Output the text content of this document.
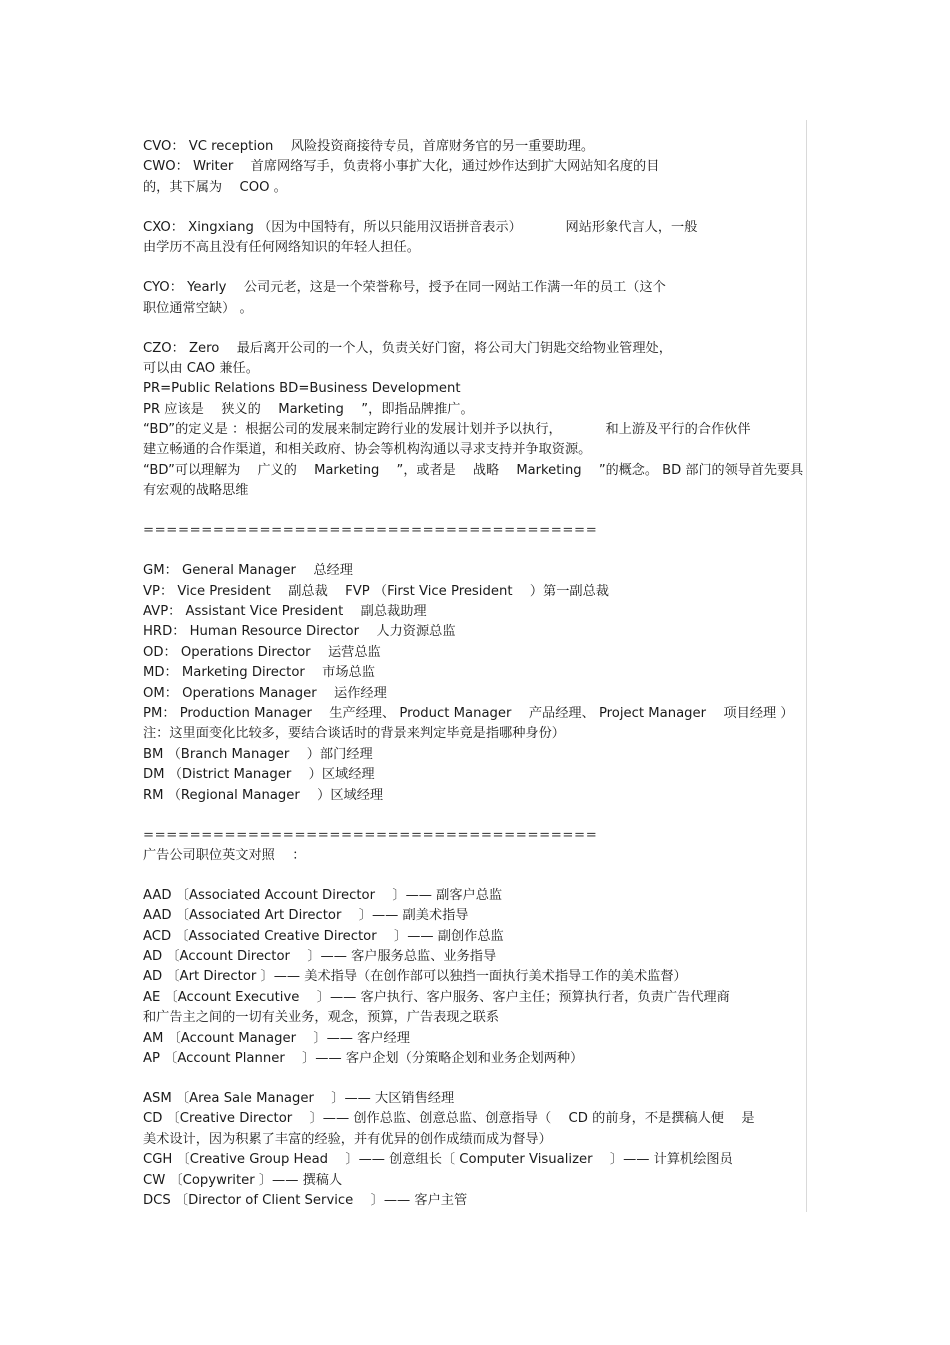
CVO： VC reception 　风险投资商接待专员，首席财务官的另一重要助理。
CWO： Writer 　首席网络写手，负责将小事扩大化，通过炒作达到扩大网站知名度的目
的，其下属为 　COO 。
CXO： Xingxiang （因为中国特有，所以只能用汉语拼音表示） 　　　网站形象代言人，一般
由学历不高且没有任何网络知识的年轻人担任。
CYO： Yearly 　公司元老，这是一个荣誉称号，授予在同一网站工作满一年的员工（这个
职位通常空缺） 。
CZO： Zero 　最后离开公司的一个人，负责关好门窗，将公司大门钥匙交给物业管理处，
可以由 CAO 兼任。
PR=Public Relations BD=Business Development
PR 应该是 　狭义的 　Marketing 　”，即指品牌推广。
“BD”的定义是 ：根据公司的发展来制定跨行业的发展计划并予以执行， 　　　和上游及平行的合作伙伴
建立畅通的合作渠道，和相关政府、协会等机构沟通以寻求支持并争取资源。
“BD”可以理解为 　广义的 　Marketing 　”，或者是 　战略 　Marketing 　”的概念。 BD 部门的领导首先要具
有宏观的战略思维
=======================================
GM： General Manager 　总经理
VP： Vice President 　副总裁 　FVP （First Vice President 　）第一副总裁
AVP： Assistant Vice President 　副总裁助理
HRD： Human Resource Director 　人力资源总监
OD： Operations Director 　运营总监
MD： Marketing Director 　市场总监
OM： Operations Manager 　运作经理
PM： Production Manager 　生产经理、 Product Manager 　产品经理、 Project Manager 　项目经理 ）
注：这里面变化比较多，要结合谈话时的背景来判定毕竟是指哪种身份）
BM （Branch Manager 　）部门经理
DM （District Manager 　）区域经理
RM （Regional Manager 　）区域经理
=======================================
广告公司职位英文对照 　：
AAD 〔Associated Account Director 　〕—— 副客户总监
AAD 〔Associated Art Director 　〕—— 副美术指导
ACD 〔Associated Creative Director 　〕—— 副创作总监
AD 〔Account Director 　〕—— 客户服务总监、业务指导
AD 〔Art Director 〕—— 美术指导（在创作部可以独挡一面执行美术指导工作的美术监督）
AE 〔Account Executive 　〕—— 客户执行、客户服务、客户主任；预算执行者，负责广告代理商
和广告主之间的一切有关业务，观念，预算，广告表现之联系
AM 〔Account Manager 　〕—— 客户经理
AP 〔Account Planner 　〕—— 客户企划（分策略企划和业务企划两种）
ASM 〔Area Sale Manager 　〕—— 大区销售经理
CD 〔Creative Director 　〕—— 创作总监、创意总监、创意指导（ 　CD 的前身，不是撰稿人便 　是
美术设计，因为积累了丰富的经验，并有优异的创作成绩而成为督导）
CGH 〔Creative Group Head 　〕—— 创意组长〔 Computer Visualizer 　〕—— 计算机绘图员
CW 〔Copywriter 〕—— 撰稿人
DCS 〔Director of Client Service 　〕—— 客户主管
